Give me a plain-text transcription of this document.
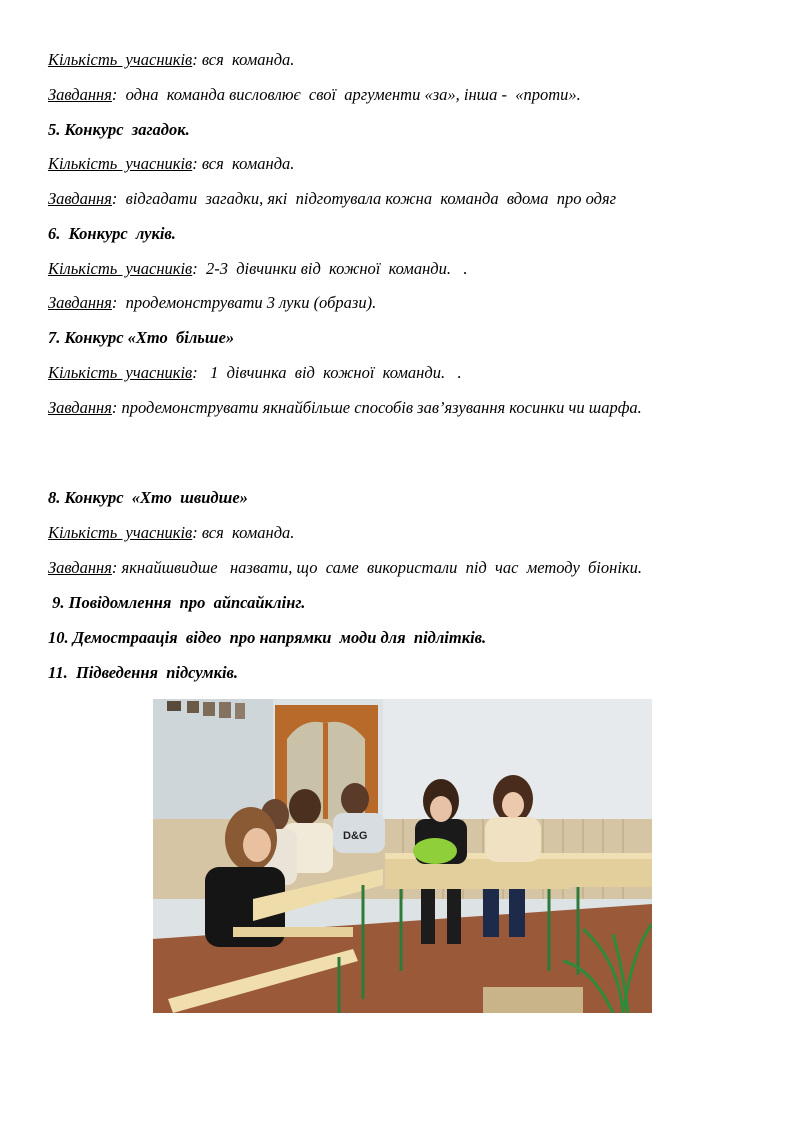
Кількість  учасників: вся  команда.
Завдання:  одна  команда висловлює  свої  аргументи «за», інша -  «проти».
5. Конкурс  загадок.
Кількість  учасників: вся  команда.
Завдання:  відгадати  загадки, які  підготувала кожна  команда  вдома  про одяг
6.  Конкурс  луків.
Кількість  учасників:  2-3  дівчинки від  кожної  команди.   .
Завдання:  продемонструвати 3 луки (образи).
7. Конкурс «Хто  більше»
Кількість  учасників:   1  дівчинка  від  кожної  команди.   .
Завдання: продемонструвати якнайбільше способів зав’язування косинки чи шарфа.
8. Конкурс  «Хто  швидше»
Кількість  учасників: вся  команда.
Завдання: якнайшвидше   назвати, що  саме  використали  під  час  методу  біоніки.
9. Повідомлення  про  айпсайклінг.
10. Демостраація  відео  про напрямки  моди для  підлітків.
11.  Підведення  підсумків.
D&G
